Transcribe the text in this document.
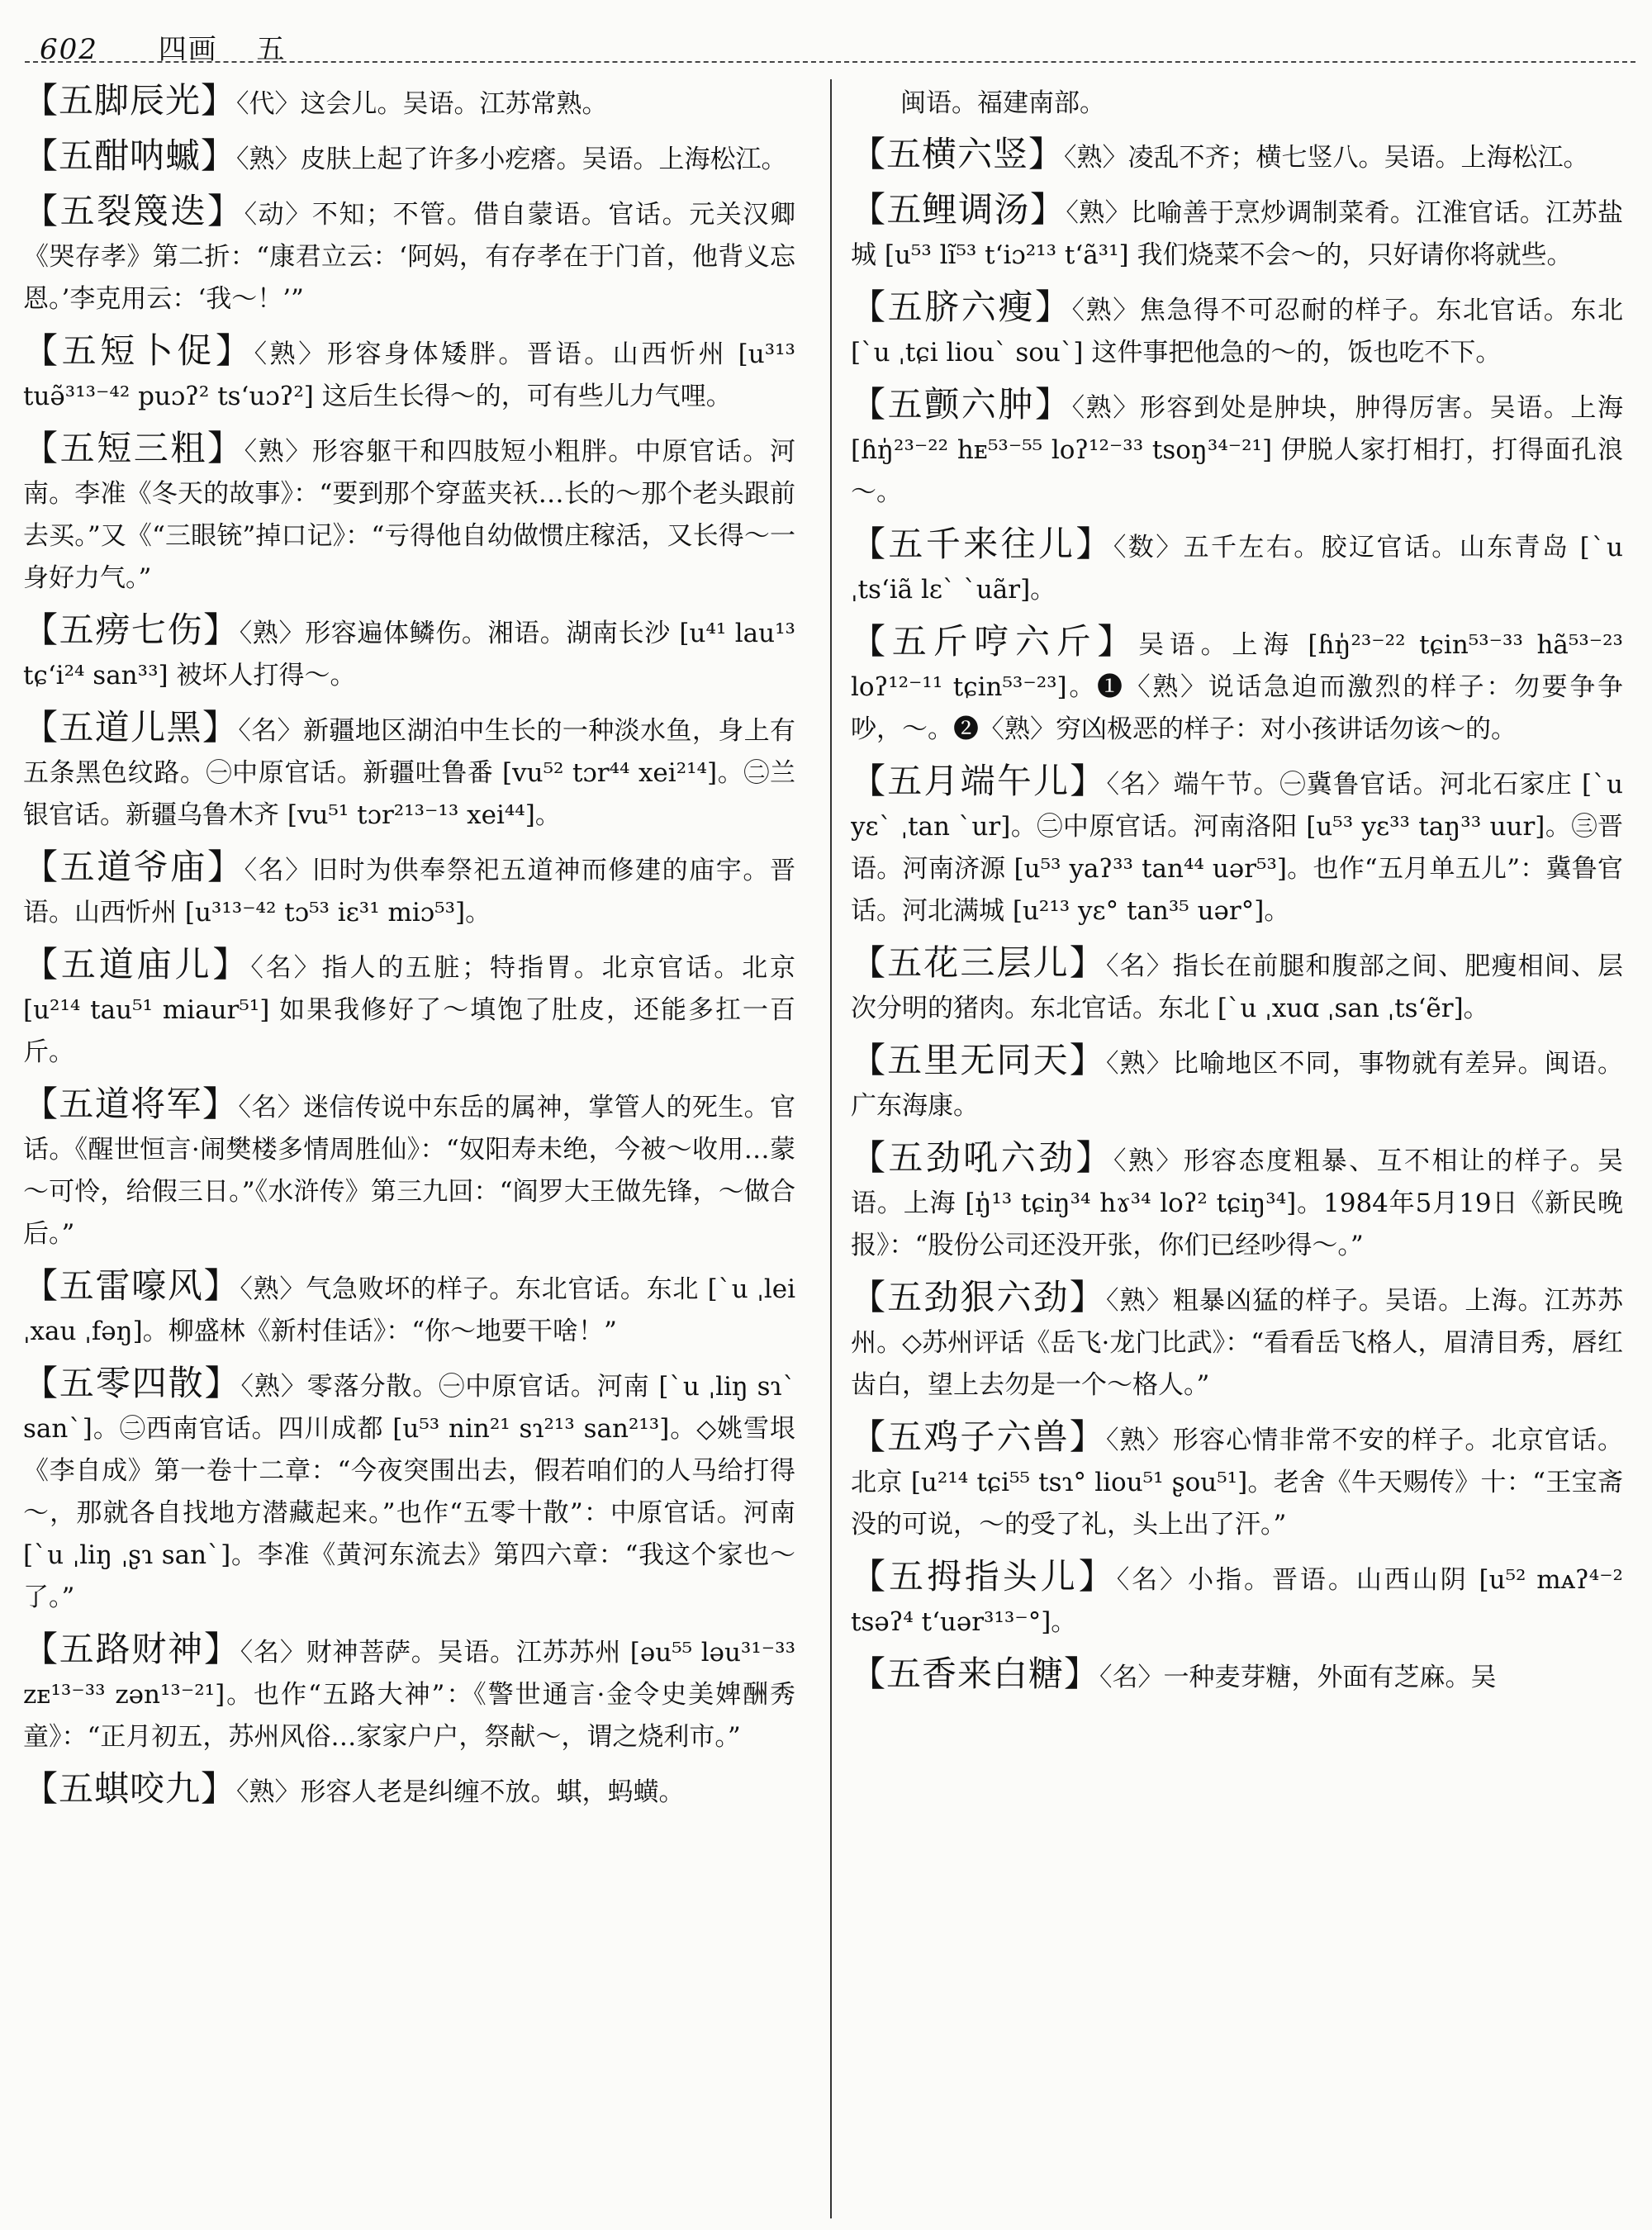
602 四画 五
【五脚辰光】〈代〉这会儿。吴语。江苏常熟。
【五酣呐䗩】〈熟〉皮肤上起了许多小疙瘩。吴语。上海松江。
【五裂篾迭】〈动〉不知；不管。借自蒙语。官话。元关汉卿《哭存孝》第二折：“康君立云：‘阿妈，有存孝在于门首，他背义忘恩。’李克用云：‘我～！’”
【五短卜促】〈熟〉形容身体矮胖。晋语。山西忻州 [u³¹³ tuə̃³¹³⁻⁴² puɔʔ² tsʻuɔʔ²] 这后生长得～的，可有些儿力气哩。
【五短三粗】〈熟〉形容躯干和四肢短小粗胖。中原官话。河南。李准《冬天的故事》：“要到那个穿蓝夹袄…长的～那个老头跟前去买。”又《“三眼铳”掉口记》：“亏得他自幼做惯庄稼活，又长得～一身好力气。”
【五痨七伤】〈熟〉形容遍体鳞伤。湘语。湖南长沙 [u⁴¹ lau¹³ tɕʻi²⁴ san³³] 被坏人打得～。
【五道儿黑】〈名〉新疆地区湖泊中生长的一种淡水鱼，身上有五条黑色纹路。㊀中原官话。新疆吐鲁番 [vu⁵² tɔr⁴⁴ xei²¹⁴]。㊁兰银官话。新疆乌鲁木齐 [vu⁵¹ tɔr²¹³⁻¹³ xei⁴⁴]。
【五道爷庙】〈名〉旧时为供奉祭祀五道神而修建的庙宇。晋语。山西忻州 [u³¹³⁻⁴² tɔ⁵³ iɛ³¹ miɔ⁵³]。
【五道庙儿】〈名〉指人的五脏；特指胃。北京官话。北京 [u²¹⁴ tau⁵¹ miaur⁵¹] 如果我修好了～填饱了肚皮，还能多扛一百斤。
【五道将军】〈名〉迷信传说中东岳的属神，掌管人的死生。官话。《醒世恒言·闹樊楼多情周胜仙》：“奴阳寿未绝，今被～收用…蒙～可怜，给假三日。”《水浒传》第三九回：“阎罗大王做先锋，～做合后。”
【五雷嚎风】〈熟〉气急败坏的样子。东北官话。东北 [ˋu ˌlei ˌxau ˌfəŋ]。柳盛林《新村佳话》：“你～地要干啥！”
【五零四散】〈熟〉零落分散。㊀中原官话。河南 [ˋu ˌliŋ sɿˋ sanˋ]。㊁西南官话。四川成都 [u⁵³ nin²¹ sɿ²¹³ san²¹³]。◇姚雪垠《李自成》第一卷十二章：“今夜突围出去，假若咱们的人马给打得～，那就各自找地方潜藏起来。”也作“五零十散”：中原官话。河南 [ˋu ˌliŋ ˌʂɿ sanˋ]。李准《黄河东流去》第四六章：“我这个家也～了。”
【五路财神】〈名〉财神菩萨。吴语。江苏苏州 [əu⁵⁵ ləu³¹⁻³³ zᴇ¹³⁻³³ zən¹³⁻²¹]。也作“五路大神”：《警世通言·金令史美婢酬秀童》：“正月初五，苏州风俗…家家户户，祭献～，谓之烧利市。”
【五蜞咬九】〈熟〉形容人老是纠缠不放。蜞，蚂蟥。
闽语。福建南部。
【五横六竖】〈熟〉凌乱不齐；横七竖八。吴语。上海松江。
【五鲤调汤】〈熟〉比喻善于烹炒调制菜肴。江淮官话。江苏盐城 [u⁵³ lĩ⁵³ tʻiɔ²¹³ tʻã³¹] 我们烧菜不会～的，只好请你将就些。
【五脐六瘦】〈熟〉焦急得不可忍耐的样子。东北官话。东北 [ˋu ˌtɕi liouˋ souˋ] 这件事把他急的～的，饭也吃不下。
【五颤六肿】〈熟〉形容到处是肿块，肿得厉害。吴语。上海 [ɦŋ̍²³⁻²² hᴇ⁵³⁻⁵⁵ loʔ¹²⁻³³ tsoŋ³⁴⁻²¹] 伊脱人家打相打，打得面孔浪～。
【五千来往儿】〈数〉五千左右。胶辽官话。山东青岛 [ˋu ˌtsʻiã lɛˋ ˋuãr]。
【五斤哼六斤】吴语。上海 [ɦŋ̍²³⁻²² tɕin⁵³⁻³³ hã⁵³⁻²³ loʔ¹²⁻¹¹ tɕin⁵³⁻²³]。❶〈熟〉说话急迫而激烈的样子：勿要争争吵，～。❷〈熟〉穷凶极恶的样子：对小孩讲话勿该～的。
【五月端午儿】〈名〉端午节。㊀冀鲁官话。河北石家庄 [ˋu yɛˋ ˌtan ˋur]。㊁中原官话。河南洛阳 [u⁵³ yɛ³³ taŋ³³ uur]。㊂晋语。河南济源 [u⁵³ yaʔ³³ tan⁴⁴ uər⁵³]。也作“五月单五儿”：冀鲁官话。河北满城 [u²¹³ yɛ° tan³⁵ uər°]。
【五花三层儿】〈名〉指长在前腿和腹部之间、肥瘦相间、层次分明的猪肉。东北官话。东北 [ˋu ˌxuɑ ˌsan ˌtsʻẽr]。
【五里无同天】〈熟〉比喻地区不同，事物就有差异。闽语。广东海康。
【五劲吼六劲】〈熟〉形容态度粗暴、互不相让的样子。吴语。上海 [ŋ̍¹³ tɕiŋ³⁴ hɤ³⁴ loʔ² tɕiŋ³⁴]。1984年5月19日《新民晚报》：“股份公司还没开张，你们已经吵得～。”
【五劲狠六劲】〈熟〉粗暴凶猛的样子。吴语。上海。江苏苏州。◇苏州评话《岳飞·龙门比武》：“看看岳飞格人，眉清目秀，唇红齿白，望上去勿是一个～格人。”
【五鸡子六兽】〈熟〉形容心情非常不安的样子。北京官话。北京 [u²¹⁴ tɕi⁵⁵ tsɿ° liou⁵¹ ʂou⁵¹]。老舍《牛天赐传》十：“王宝斋没的可说，～的受了礼，头上出了汗。”
【五拇指头儿】〈名〉小指。晋语。山西山阴 [u⁵² mᴀʔ⁴⁻² tsəʔ⁴ tʻuər³¹³⁻°]。
【五香来白糖】〈名〉一种麦芽糖，外面有芝麻。吴
